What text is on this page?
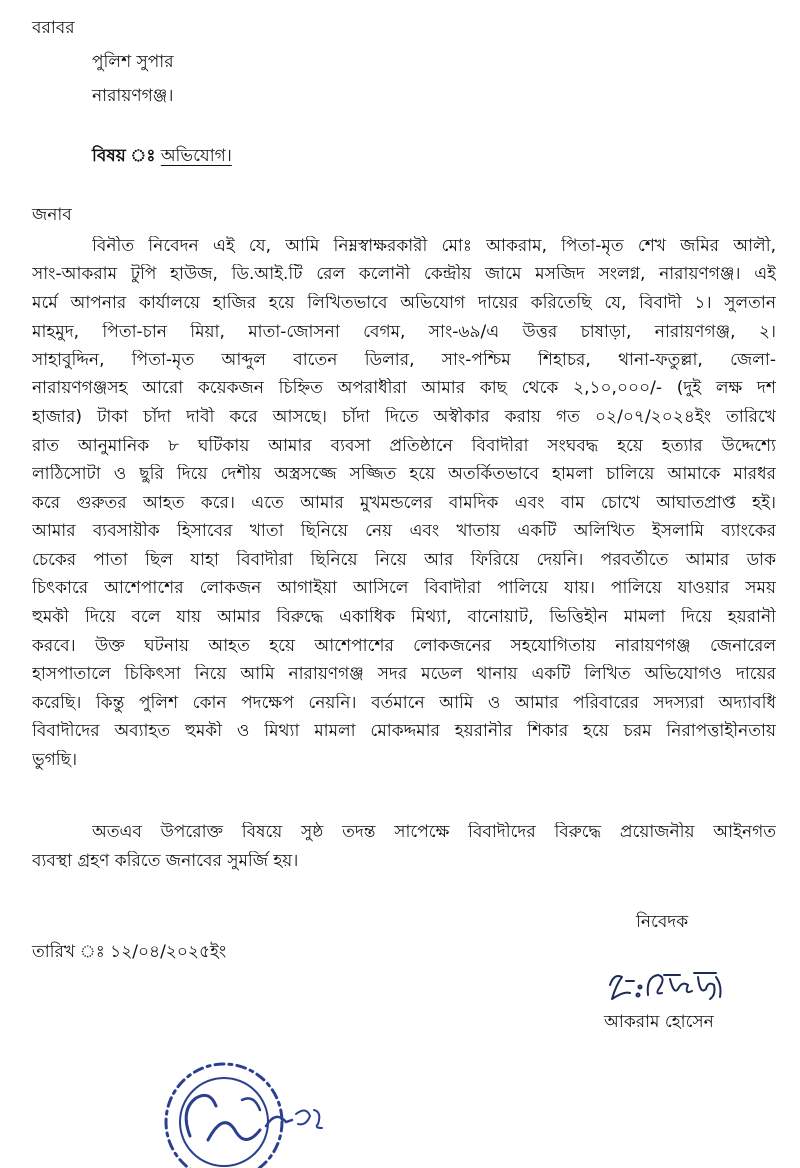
বরাবর
পুলিশ সুপার
নারায়ণগঞ্জ।
বিষয় ঃ অভিযোগ।
জনাব
বিনীত নিবেদন এই যে, আমি নিম্নস্বাক্ষরকারী মোঃ আকরাম, পিতা-মৃত শেখ জমির আলী,
সাং-আকরাম টুপি হাউজ, ডি.আই.টি রেল কলোনী কেন্দ্রীয় জামে মসজিদ সংলগ্ন, নারায়ণগঞ্জ। এই
মর্মে আপনার কার্যালয়ে হাজির হয়ে লিখিতভাবে অভিযোগ দায়ের করিতেছি যে, বিবাদী ১। সুলতান
মাহমুদ, পিতা-চান মিয়া, মাতা-জোসনা বেগম, সাং-৬৯/এ উত্তর চাষাড়া, নারায়ণগঞ্জ, ২।
সাহাবুদ্দিন, পিতা-মৃত আব্দুল বাতেন ডিলার, সাং-পশ্চিম শিহাচর, থানা-ফতুল্লা, জেলা-
নারায়ণগঞ্জসহ আরো কয়েকজন চিহ্নিত অপরাধীরা আমার কাছ থেকে ২,১০,০০০/- (দুই লক্ষ দশ
হাজার) টাকা চাঁদা দাবী করে আসছে। চাঁদা দিতে অস্বীকার করায় গত ০২/০৭/২০২৪ইং তারিখে
রাত আনুমানিক ৮ ঘটিকায় আমার ব্যবসা প্রতিষ্ঠানে বিবাদীরা সংঘবদ্ধ হয়ে হত্যার উদ্দেশ্যে
লাঠিসোটা ও ছুরি দিয়ে দেশীয় অস্ত্রসজ্জে সজ্জিত হয়ে অতর্কিতভাবে হামলা চালিয়ে আমাকে মারধর
করে গুরুতর আহত করে। এতে আমার মুখমন্ডলের বামদিক এবং বাম চোখে আঘাতপ্রাপ্ত হই।
আমার ব্যবসায়ীক হিসাবের খাতা ছিনিয়ে নেয় এবং খাতায় একটি অলিখিত ইসলামি ব্যাংকের
চেকের পাতা ছিল যাহা বিবাদীরা ছিনিয়ে নিয়ে আর ফিরিয়ে দেয়নি। পরবর্তীতে আমার ডাক
চিৎকারে আশেপাশের লোকজন আগাইয়া আসিলে বিবাদীরা পালিয়ে যায়। পালিয়ে যাওয়ার সময়
হুমকী দিয়ে বলে যায় আমার বিরুদ্ধে একাধিক মিথ্যা, বানোয়াট, ভিত্তিহীন মামলা দিয়ে হয়রানী
করবে। উক্ত ঘটনায় আহত হয়ে আশেপাশের লোকজনের সহযোগিতায় নারায়ণগঞ্জ জেনারেল
হাসপাতালে চিকিৎসা নিয়ে আমি নারায়ণগঞ্জ সদর মডেল থানায় একটি লিখিত অভিযোগও দায়ের
করেছি। কিন্তু পুলিশ কোন পদক্ষেপ নেয়নি। বর্তমানে আমি ও আমার পরিবারের সদস্যরা অদ্যাবধি
বিবাদীদের অব্যাহত হুমকী ও মিথ্যা মামলা মোকদ্দমার হয়রানীর শিকার হয়ে চরম নিরাপত্তাহীনতায়
ভুগছি।
অতএব উপরোক্ত বিষয়ে সুষ্ঠ তদন্ত সাপেক্ষে বিবাদীদের বিরুদ্ধে প্রয়োজনীয় আইনগত
ব্যবস্থা গ্রহণ করিতে জনাবের সুমর্জি হয়।
নিবেদক
তারিখ ঃ ১২/০৪/২০২৫ইং
আকরাম হোসেন
